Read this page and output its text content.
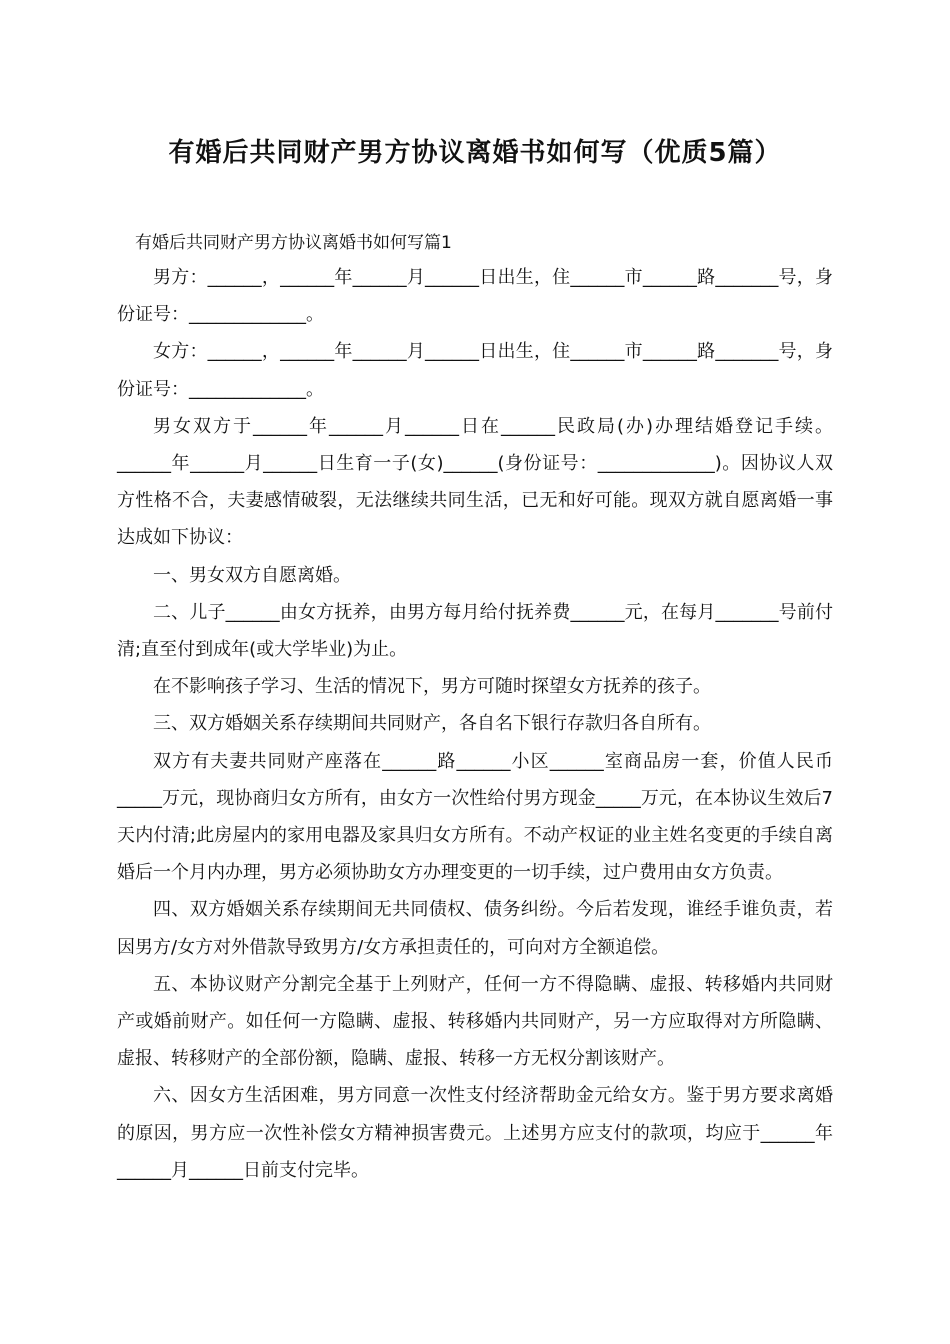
有婚后共同财产男方协议离婚书如何写（优质5篇）
有婚后共同财产男方协议离婚书如何写篇1

男方：______，______年______月______日出生，住______市______路_______号，身份证号：_____________。

女方：______，______年______月______日出生，住______市______路_______号，身份证号：_____________。

男女双方于______年______月______日在______民政局(办)办理结婚登记手续。______年______月______日生育一子(女)______(身份证号：_____________)。因协议人双方性格不合，夫妻感情破裂，无法继续共同生活，已无和好可能。现双方就自愿离婚一事达成如下协议：

一、男女双方自愿离婚。

二、儿子______由女方抚养，由男方每月给付抚养费______元，在每月_______号前付清;直至付到成年(或大学毕业)为止。

在不影响孩子学习、生活的情况下，男方可随时探望女方抚养的孩子。

三、双方婚姻关系存续期间共同财产，各自名下银行存款归各自所有。

双方有夫妻共同财产座落在______路______小区______室商品房一套，价值人民币_____万元，现协商归女方所有，由女方一次性给付男方现金_____万元，在本协议生效后7天内付清;此房屋内的家用电器及家具归女方所有。不动产权证的业主姓名变更的手续自离婚后一个月内办理，男方必须协助女方办理变更的一切手续，过户费用由女方负责。

四、双方婚姻关系存续期间无共同债权、债务纠纷。今后若发现，谁经手谁负责，若因男方/女方对外借款导致男方/女方承担责任的，可向对方全额追偿。

五、本协议财产分割完全基于上列财产，任何一方不得隐瞒、虚报、转移婚内共同财产或婚前财产。如任何一方隐瞒、虚报、转移婚内共同财产，另一方应取得对方所隐瞒、虚报、转移财产的全部份额，隐瞒、虚报、转移一方无权分割该财产。

六、因女方生活困难，男方同意一次性支付经济帮助金元给女方。鉴于男方要求离婚的原因，男方应一次性补偿女方精神损害费元。上述男方应支付的款项，均应于______年______月______日前支付完毕。
